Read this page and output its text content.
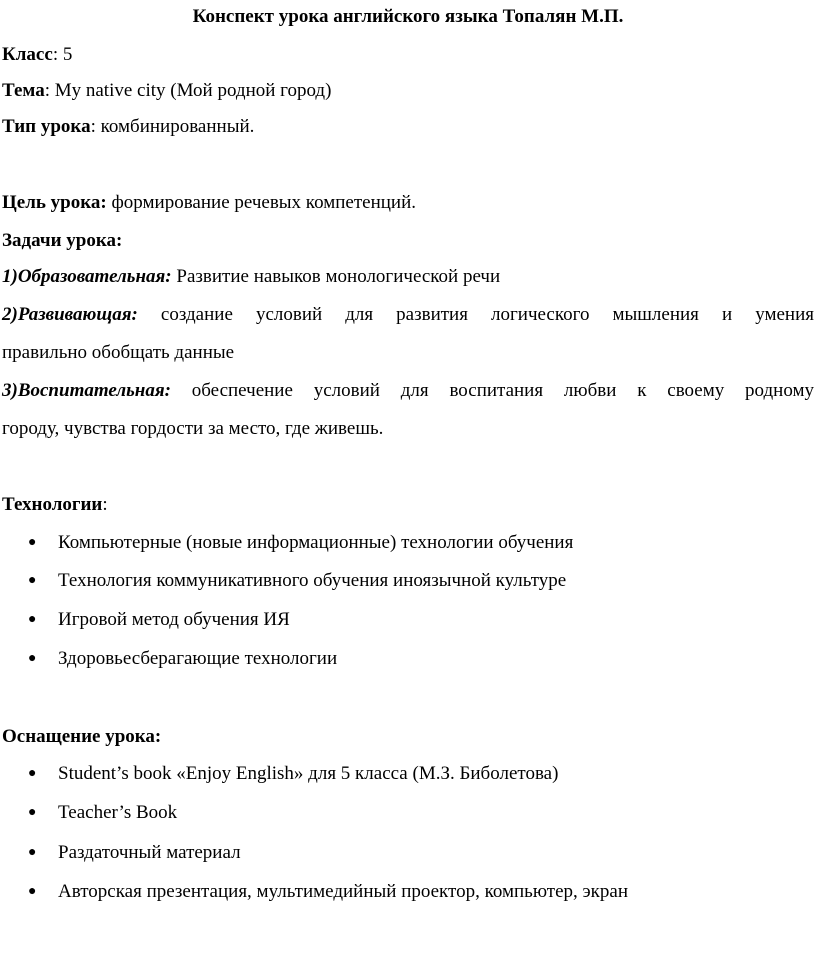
Конспект урока английского языка Топалян М.П.
Класс: 5
Тема: My native city (Мой родной город)
Тип урока: комбинированный.
Цель урока: формирование речевых компетенций.
Задачи урока:
1)Образовательная: Развитие навыков монологической речи
2)Развивающая: создание условий для развития логического мышления и умения
правильно обобщать данные
3)Воспитательная: обеспечение условий для воспитания любви к своему родному
городу, чувства гордости за место, где живешь.
Технологии:
● Компьютерные (новые информационные) технологии обучения
● Технология коммуникативного обучения иноязычной культуре
● Игровой метод обучения ИЯ
● Здоровьесберагающие технологии
Оснащение урока:
● Student’s book «Enjoy English» для 5 класса (М.З. Биболетова)
● Teacher’s Book
● Раздаточный материал
● Авторская презентация, мультимедийный проектор, компьютер, экран
